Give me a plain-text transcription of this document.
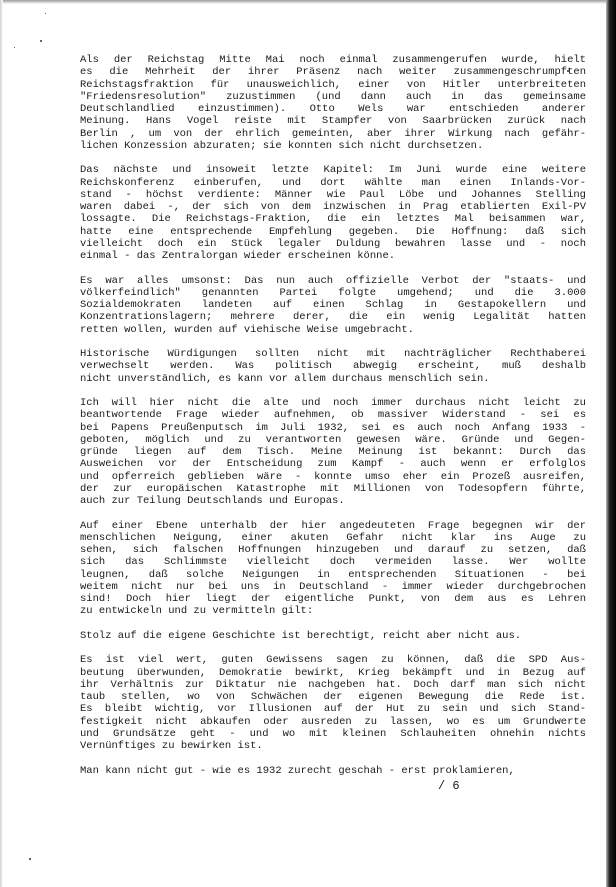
Als der Reichstag Mitte Mai noch einmal zusammengerufen wurde, hielt
es die Mehrheit der ihrer Präsenz nach weiter zusammengeschrumpften
Reichstagsfraktion für unausweichlich, einer von Hitler unterbreiteten
"Friedensresolution" zuzustimmen (und dann auch in das gemeinsame
Deutschlandlied einzustimmen). Otto Wels war entschieden anderer
Meinung. Hans Vogel reiste mit Stampfer von Saarbrücken zurück nach
Berlin , um von der ehrlich gemeinten, aber ihrer Wirkung nach gefähr-
lichen Konzession abzuraten; sie konnten sich nicht durchsetzen.
Das nächste und insoweit letzte Kapitel: Im Juni wurde eine weitere
Reichskonferenz einberufen, und dort wählte man einen Inlands-Vor-
stand - höchst verdiente: Männer wie Paul Löbe und Johannes Stelling
waren dabei -, der sich von dem inzwischen in Prag etablierten Exil-PV
lossagte. Die Reichstags-Fraktion, die ein letztes Mal beisammen war,
hatte eine entsprechende Empfehlung gegeben. Die Hoffnung: daß sich
vielleicht doch ein Stück legaler Duldung bewahren lasse und - noch
einmal - das Zentralorgan wieder erscheinen könne.
Es war alles umsonst: Das nun auch offizielle Verbot der "staats- und
völkerfeindlich" genannten Partei folgte umgehend; und die 3.000
Sozialdemokraten landeten auf einen Schlag in Gestapokellern und
Konzentrationslagern; mehrere derer, die ein wenig Legalität hatten
retten wollen, wurden auf viehische Weise umgebracht.
Historische Würdigungen sollten nicht mit nachträglicher Rechthaberei
verwechselt werden. Was politisch abwegig erscheint, muß deshalb
nicht unverständlich, es kann vor allem durchaus menschlich sein.
Ich will hier nicht die alte und noch immer durchaus nicht leicht zu
beantwortende Frage wieder aufnehmen, ob massiver Widerstand - sei es
bei Papens Preußenputsch im Juli 1932, sei es auch noch Anfang 1933 -
geboten, möglich und zu verantworten gewesen wäre. Gründe und Gegen-
gründe liegen auf dem Tisch. Meine Meinung ist bekannt: Durch das
Ausweichen vor der Entscheidung zum Kampf - auch wenn er erfolglos
und opferreich geblieben wäre - konnte umso eher ein Prozeß ausreifen,
der zur europäischen Katastrophe mit Millionen von Todesopfern führte,
auch zur Teilung Deutschlands und Europas.
Auf einer Ebene unterhalb der hier angedeuteten Frage begegnen wir der
menschlichen Neigung, einer akuten Gefahr nicht klar ins Auge zu
sehen, sich falschen Hoffnungen hinzugeben und darauf zu setzen, daß
sich das Schlimmste vielleicht doch vermeiden lasse. Wer wollte
leugnen, daß solche Neigungen in entsprechenden Situationen - bei
weitem nicht nur bei uns in Deutschland - immer wieder durchgebrochen
sind! Doch hier liegt der eigentliche Punkt, von dem aus es Lehren
zu entwickeln und zu vermitteln gilt:
Stolz auf die eigene Geschichte ist berechtigt, reicht aber nicht aus.
Es ist viel wert, guten Gewissens sagen zu können, daß die SPD Aus-
beutung überwunden, Demokratie bewirkt, Krieg bekämpft und in Bezug auf
ihr Verhältnis zur Diktatur nie nachgeben hat. Doch darf man sich nicht
taub stellen, wo von Schwächen der eigenen Bewegung die Rede ist.
Es bleibt wichtig, vor Illusionen auf der Hut zu sein und sich Stand-
festigkeit nicht abkaufen oder ausreden zu lassen, wo es um Grundwerte
und Grundsätze geht - und wo mit kleinen Schlauheiten ohnehin nichts
Vernünftiges zu bewirken ist.
Man kann nicht gut - wie es 1932 zurecht geschah - erst proklamieren,
/ 6
